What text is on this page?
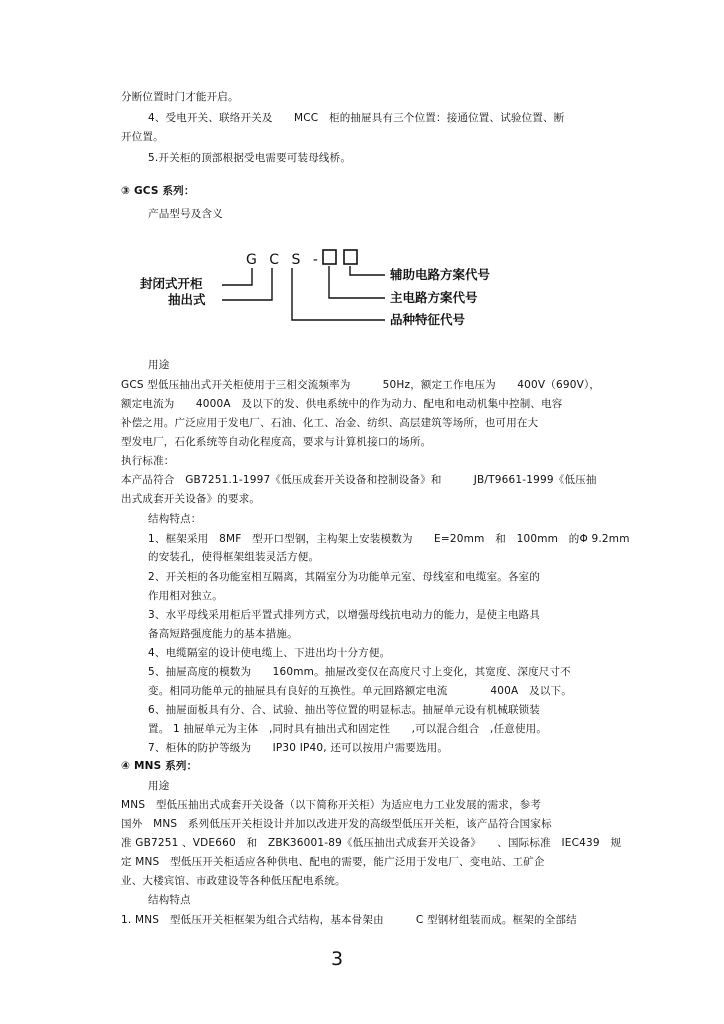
分断位置时门才能开启。
4、受电开关、联络开关及　　MCC　柜的抽屉具有三个位置：接通位置、试验位置、断
开位置。
5.开关柜的顶部根据受电需要可装母线桥。
③ GCS 系列：
产品型号及含义
G C S -
封闭式开柜
抽出式
辅助电路方案代号
主电路方案代号
品种特征代号
用途
GCS 型低压抽出式开关柜使用于三相交流频率为　　　50Hz，额定工作电压为　　400V（690V），
额定电流为　　4000A　及以下的发、供电系统中的作为动力、配电和电动机集中控制、电容
补偿之用。广泛应用于发电厂、石油、化工、冶金、纺织、高层建筑等场所，也可用在大
型发电厂，石化系统等自动化程度高，要求与计算机接口的场所。
执行标准：
本产品符合　GB7251.1-1997《低压成套开关设备和控制设备》和　　　JB/T9661-1999《低压抽
出式成套开关设备》的要求。
结构特点：
1、框架采用　8MF　型开口型钢，主构架上安装模数为　　E=20mm　和　100mm　的Φ 9.2mm
的安装孔，使得框架组装灵活方便。
2、开关柜的各功能室相互隔离，其隔室分为功能单元室、母线室和电缆室。各室的
作用相对独立。
3、水平母线采用柜后平置式排列方式，以增强母线抗电动力的能力，是使主电路具
备高短路强度能力的基本措施。
4、电缆隔室的设计使电缆上、下进出均十分方便。
5、抽屉高度的模数为　　160mm。抽屉改变仅在高度尺寸上变化，其宽度、深度尺寸不
变。相同功能单元的抽屉具有良好的互换性。单元回路额定电流　　　　400A　及以下。
6、抽屉面板具有分、合、试验、抽出等位置的明显标志。抽屉单元设有机械联锁装
置。 1 抽屉单元为主体　,同时具有抽出式和固定性　　,可以混合组合　,任意使用。
7、柜体的防护等级为　　IP30 IP40, 还可以按用户需要选用。
④ MNS 系列：
用途
MNS　型低压抽出式成套开关设备（以下简称开关柜）为适应电力工业发展的需求，参考
国外　MNS　系列低压开关柜设计并加以改进开发的高级型低压开关柜，该产品符合国家标
准 GB7251 、VDE660　和　ZBK36001-89《低压抽出式成套开关设备》　　、国际标准　IEC439　规
定 MNS　型低压开关柜适应各种供电、配电的需要，能广泛用于发电厂、变电站、工矿企
业、大楼宾馆、市政建设等各种低压配电系统。
结构特点
1. MNS　型低压开关柜框架为组合式结构，基本骨架由　　　C 型钢材组装而成。框架的全部结
3
